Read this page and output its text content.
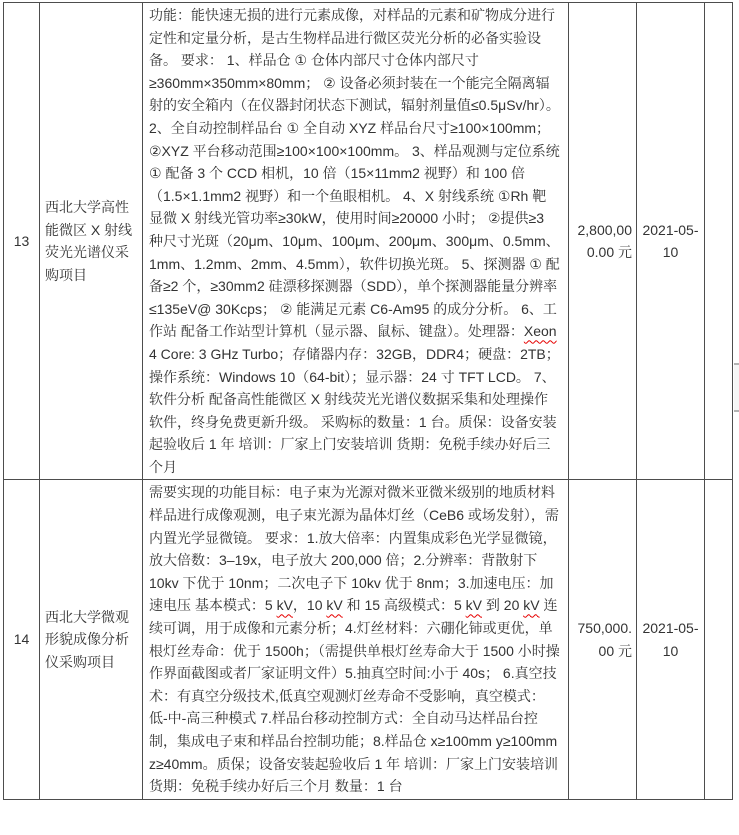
13	西北大学高性能微区 X 射线荧光光谱仪采购项目	功能：能快速无损的进行元素成像，对样品的元素和矿物成分进行定性和定量分析，是古生物样品进行微区荧光分析的必备实验设备。 要求： 1、样品仓 ① 仓体内部尺寸仓体内部尺寸≥360mm×350mm×80mm； ② 设备必须封装在一个能完全隔离辐射的安全箱内（在仪器封闭状态下测试，辐射剂量值≤0.5μSv/hr）。 2、全自动控制样品台 ① 全自动 XYZ 样品台尺寸≥100×100mm； ②XYZ 平台移动范围≥100×100×100mm。 3、样品观测与定位系统 ① 配备 3 个 CCD 相机，10 倍（15×11mm2 视野）和 100 倍（1.5×1.1mm2 视野）和一个鱼眼相机。 4、X 射线系统 ①Rh 靶显微 X 射线光管功率≥30kW，使用时间≥20000 小时； ②提供≥3 种尺寸光斑（20μm、10μm、100μm、200μm、300μm、0.5mm、1mm、1.2mm、2mm、4.5mm），软件切换光斑。 5、探测器 ① 配备≥2 个，≥30mm2 硅漂移探测器（SDD），单个探测器能量分辨率≤135eV@ 30Kcps； ② 能满足元素 C6-Am95 的成分分析。 6、工作站 配备工作站型计算机（显示器、鼠标、键盘）。处理器：Xeon 4 Core: 3 GHz Turbo；存储器内存：32GB，DDR4；硬盘：2TB；操作系统：Windows 10（64-bit）；显示器：24 寸 TFT LCD。 7、软件分析 配备高性能微区 X 射线荧光光谱仪数据采集和处理操作软件，终身免费更新升级。 采购标的数量：1 台。质保：设备安装起验收后 1 年 培训：厂家上门安装培训 货期：免税手续办好后三个月	2,800,000.00 元	2021-05-10	
14	西北大学微观形貌成像分析仪采购项目	需要实现的功能目标：电子束为光源对微米亚微米级别的地质材料样品进行成像观测，电子束光源为晶体灯丝（CeB6 或场发射），需内置光学显微镜。 要求：1.放大倍率：内置集成彩色光学显微镜，放大倍数：3–19x，电子放大 200,000 倍；2.分辨率：背散射下 10kv 下优于 10nm；二次电子下 10kv 优于 8nm；3.加速电压：加速电压 基本模式：5 kV，10 kV 和 15 高级模式：5 kV 到 20 kV 连续可调，用于成像和元素分析；4.灯丝材料：六硼化铈或更优，单根灯丝寿命：优于 1500h；（需提供单根灯丝寿命大于 1500 小时操作界面截图或者厂家证明文件）5.抽真空时间:小于 40s； 6.真空技术：有真空分级技术,低真空观测灯丝寿命不受影响，真空模式：低-中-高三种模式 7.样品台移动控制方式：全自动马达样品台控制，集成电子束和样品台控制功能；8.样品仓 x≥100mm y≥100mm z≥40mm。质保；设备安装起验收后 1 年 培训：厂家上门安装培训 货期：免税手续办好后三个月 数量：1 台	750,000.00 元	2021-05-10	
